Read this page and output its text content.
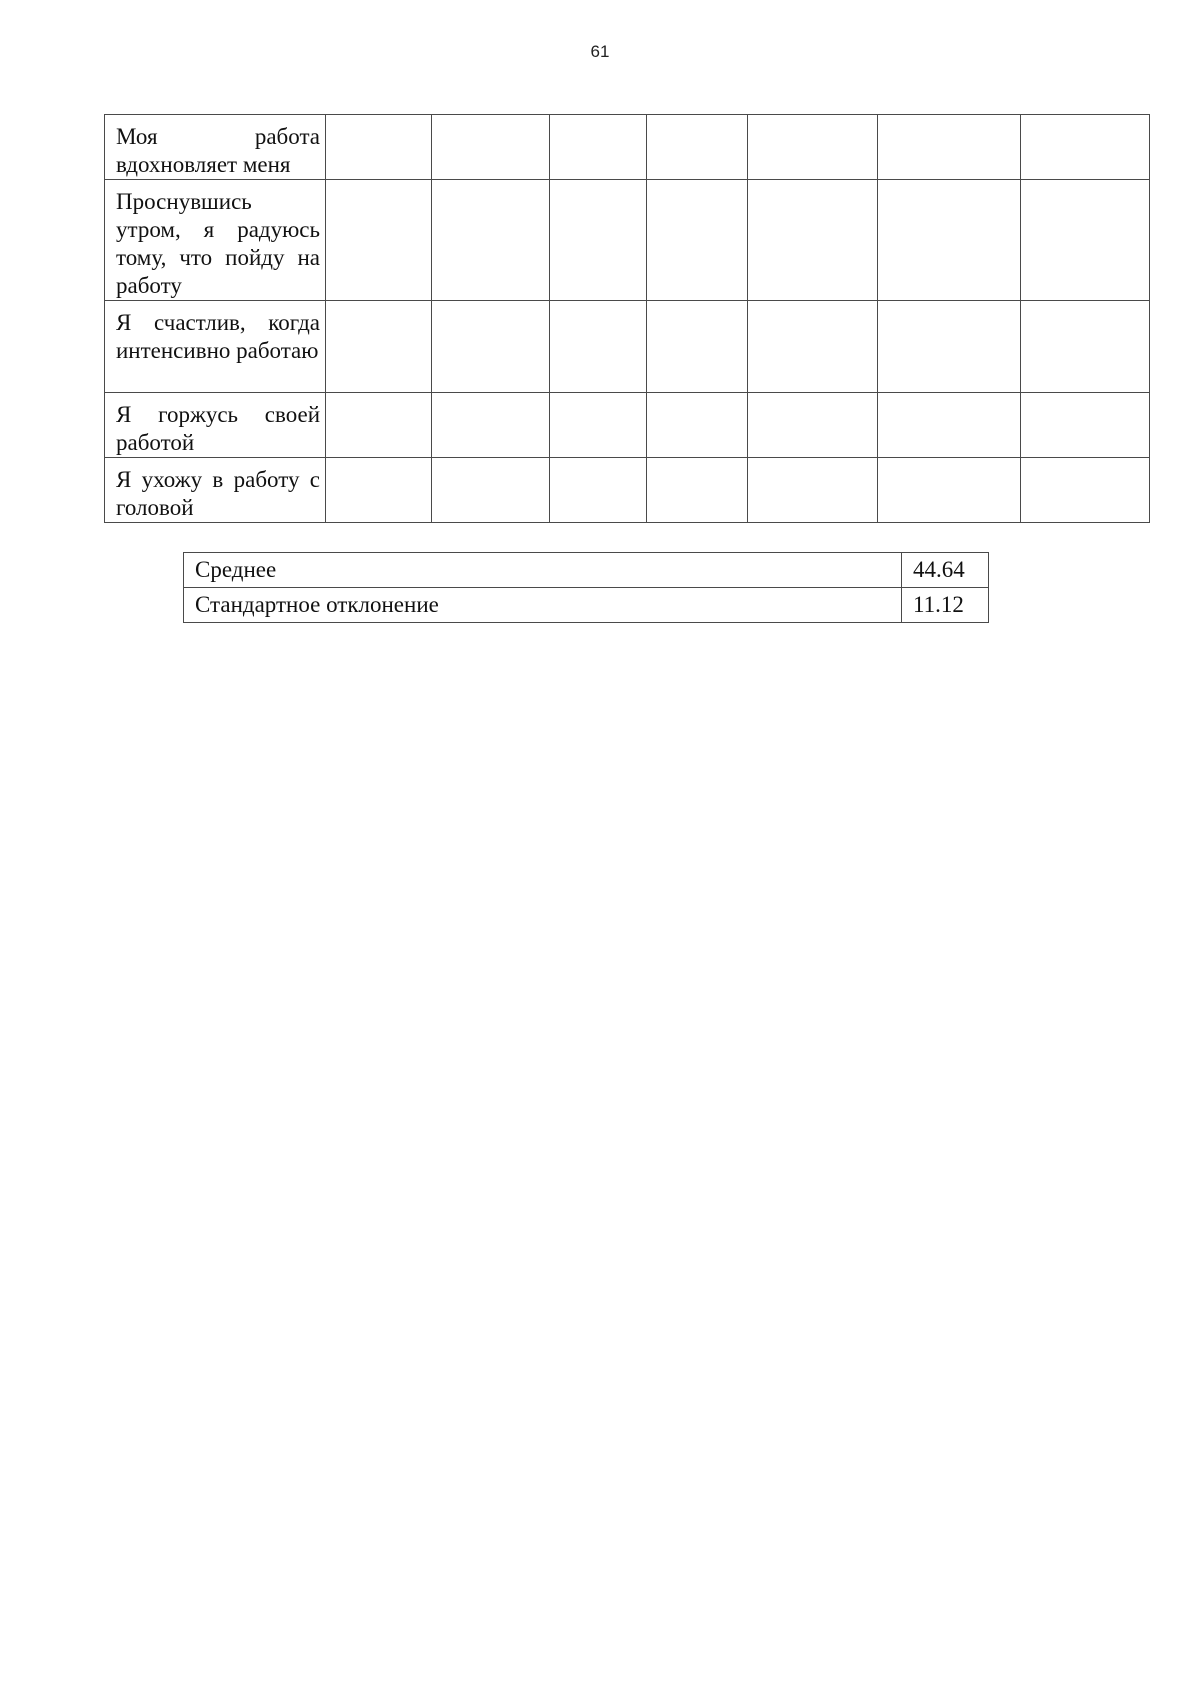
61
Моя работа вдохновляет меня							
Проснувшись утром, я радуюсь тому, что пойду на работу							
Я счастлив, когда интенсивно работаю							
Я горжусь своей работой							
Я ухожу в работу с головой							
Среднее	44.64
Стандартное отклонение	11.12
